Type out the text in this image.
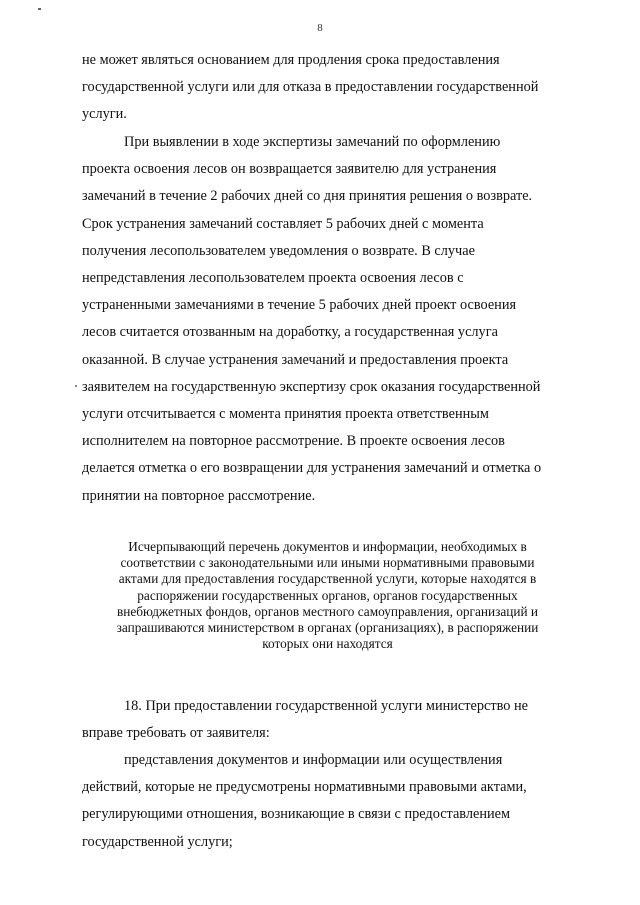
8

не может являться основанием для продления срока предоставления

государственной услуги или для отказа в предоставлении государственной

услуги.

При выявлении в ходе экспертизы замечаний по оформлению

проекта освоения лесов он возвращается заявителю для устранения

замечаний в течение 2 рабочих дней со дня принятия решения о возврате.

Срок устранения замечаний составляет 5 рабочих дней с момента

получения лесопользователем уведомления о возврате. В случае

непредставления лесопользователем проекта освоения лесов с

устраненными замечаниями в течение 5 рабочих дней проект освоения

лесов считается отозванным на доработку, а государственная услуга

оказанной. В случае устранения замечаний и предоставления проекта

заявителем на государственную экспертизу срок оказания государственной

услуги отсчитывается с момента принятия проекта ответственным

исполнителем на повторное рассмотрение. В проекте освоения лесов

делается отметка о его возвращении для устранения замечаний и отметка о

принятии на повторное рассмотрение.

Исчерпывающий перечень документов и информации, необходимых в

соответствии с законодательными или иными нормативными правовыми

актами для предоставления государственной услуги, которые находятся в

распоряжении государственных органов, органов государственных

внебюджетных фондов, органов местного самоуправления, организаций и

запрашиваются министерством в органах (организациях), в распоряжении

которых они находятся

18. При предоставлении государственной услуги министерство не

вправе требовать от заявителя:

представления документов и информации или осуществления

действий, которые не предусмотрены нормативными правовыми актами,

регулирующими отношения, возникающие в связи с предоставлением

государственной услуги;
